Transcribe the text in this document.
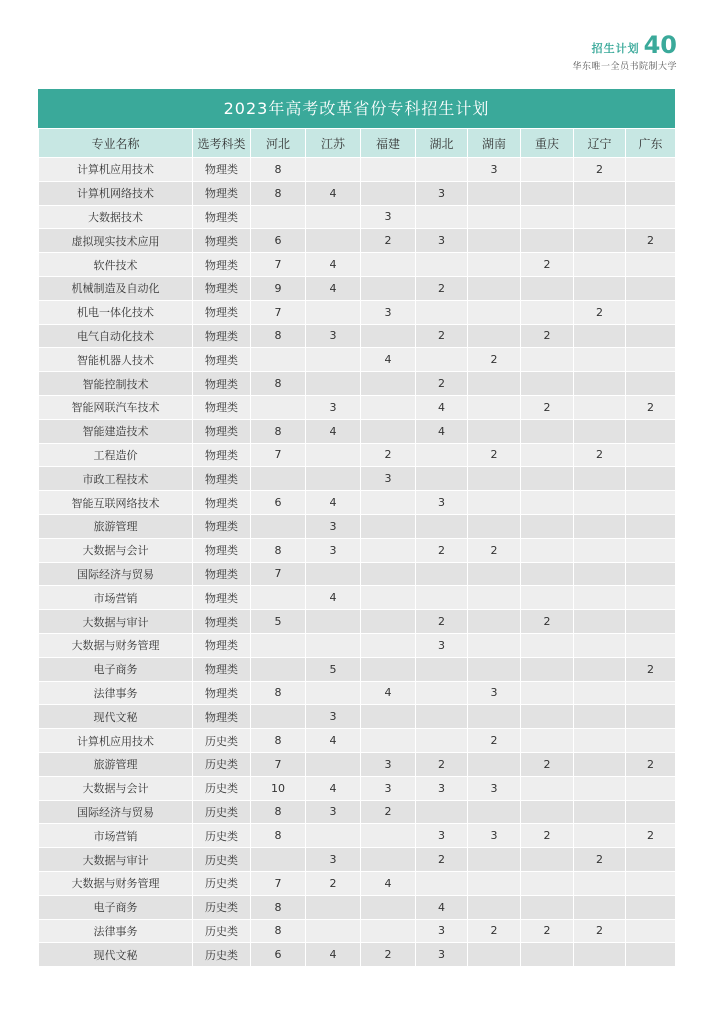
招生计划 40
华东唯一全员书院制大学
2023年高考改革省份专科招生计划
专业名称	选考科类	河北	江苏	福建	湖北	湖南	重庆	辽宁	广东
计算机应用技术	物理类	8				3		2	
计算机网络技术	物理类	8	4		3				
大数据技术	物理类			3					
虚拟现实技术应用	物理类	6		2	3				2
软件技术	物理类	7	4				2		
机械制造及自动化	物理类	9	4		2				
机电一体化技术	物理类	7		3				2	
电气自动化技术	物理类	8	3		2		2		
智能机器人技术	物理类			4		2			
智能控制技术	物理类	8			2				
智能网联汽车技术	物理类		3		4		2		2
智能建造技术	物理类	8	4		4				
工程造价	物理类	7		2		2		2	
市政工程技术	物理类			3					
智能互联网络技术	物理类	6	4		3				
旅游管理	物理类		3						
大数据与会计	物理类	8	3		2	2			
国际经济与贸易	物理类	7							
市场营销	物理类		4						
大数据与审计	物理类	5			2		2		
大数据与财务管理	物理类				3				
电子商务	物理类		5						2
法律事务	物理类	8		4		3			
现代文秘	物理类		3						
计算机应用技术	历史类	8	4			2			
旅游管理	历史类	7		3	2		2		2
大数据与会计	历史类	10	4	3	3	3			
国际经济与贸易	历史类	8	3	2					
市场营销	历史类	8			3	3	2		2
大数据与审计	历史类		3		2			2	
大数据与财务管理	历史类	7	2	4					
电子商务	历史类	8			4				
法律事务	历史类	8			3	2	2	2	
现代文秘	历史类	6	4	2	3				
